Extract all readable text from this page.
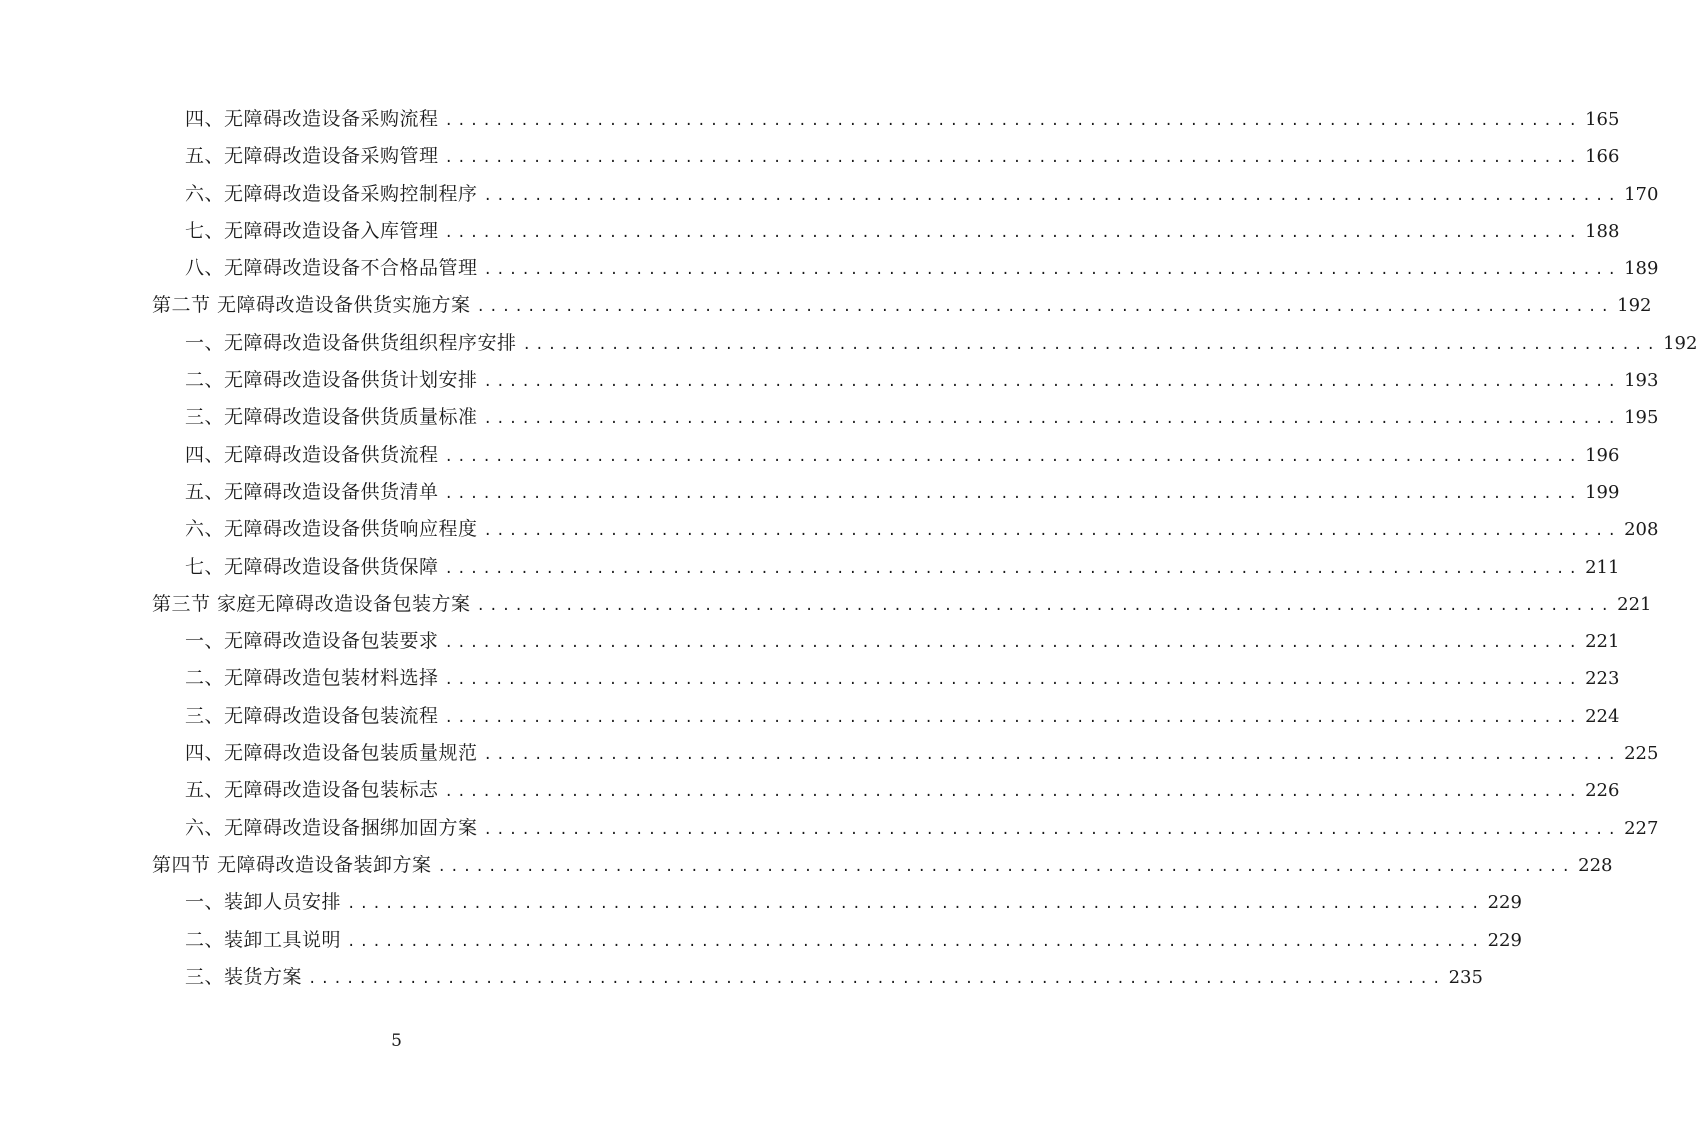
四、无障碍改造设备采购流程 .......................................................................................... 165
五、无障碍改造设备采购管理 .......................................................................................... 166
六、无障碍改造设备采购控制程序 .......................................................................................... 170
七、无障碍改造设备入库管理 .......................................................................................... 188
八、无障碍改造设备不合格品管理 .......................................................................................... 189
第二节 无障碍改造设备供货实施方案 .......................................................................................... 192
一、无障碍改造设备供货组织程序安排 .......................................................................................... 192
二、无障碍改造设备供货计划安排 .......................................................................................... 193
三、无障碍改造设备供货质量标准 .......................................................................................... 195
四、无障碍改造设备供货流程 .......................................................................................... 196
五、无障碍改造设备供货清单 .......................................................................................... 199
六、无障碍改造设备供货响应程度 .......................................................................................... 208
七、无障碍改造设备供货保障 .......................................................................................... 211
第三节 家庭无障碍改造设备包装方案 .......................................................................................... 221
一、无障碍改造设备包装要求 .......................................................................................... 221
二、无障碍改造包装材料选择 .......................................................................................... 223
三、无障碍改造设备包装流程 .......................................................................................... 224
四、无障碍改造设备包装质量规范 .......................................................................................... 225
五、无障碍改造设备包装标志 .......................................................................................... 226
六、无障碍改造设备捆绑加固方案 .......................................................................................... 227
第四节 无障碍改造设备装卸方案 .......................................................................................... 228
一、装卸人员安排 .......................................................................................... 229
二、装卸工具说明 .......................................................................................... 229
三、装货方案 .......................................................................................... 235
5
